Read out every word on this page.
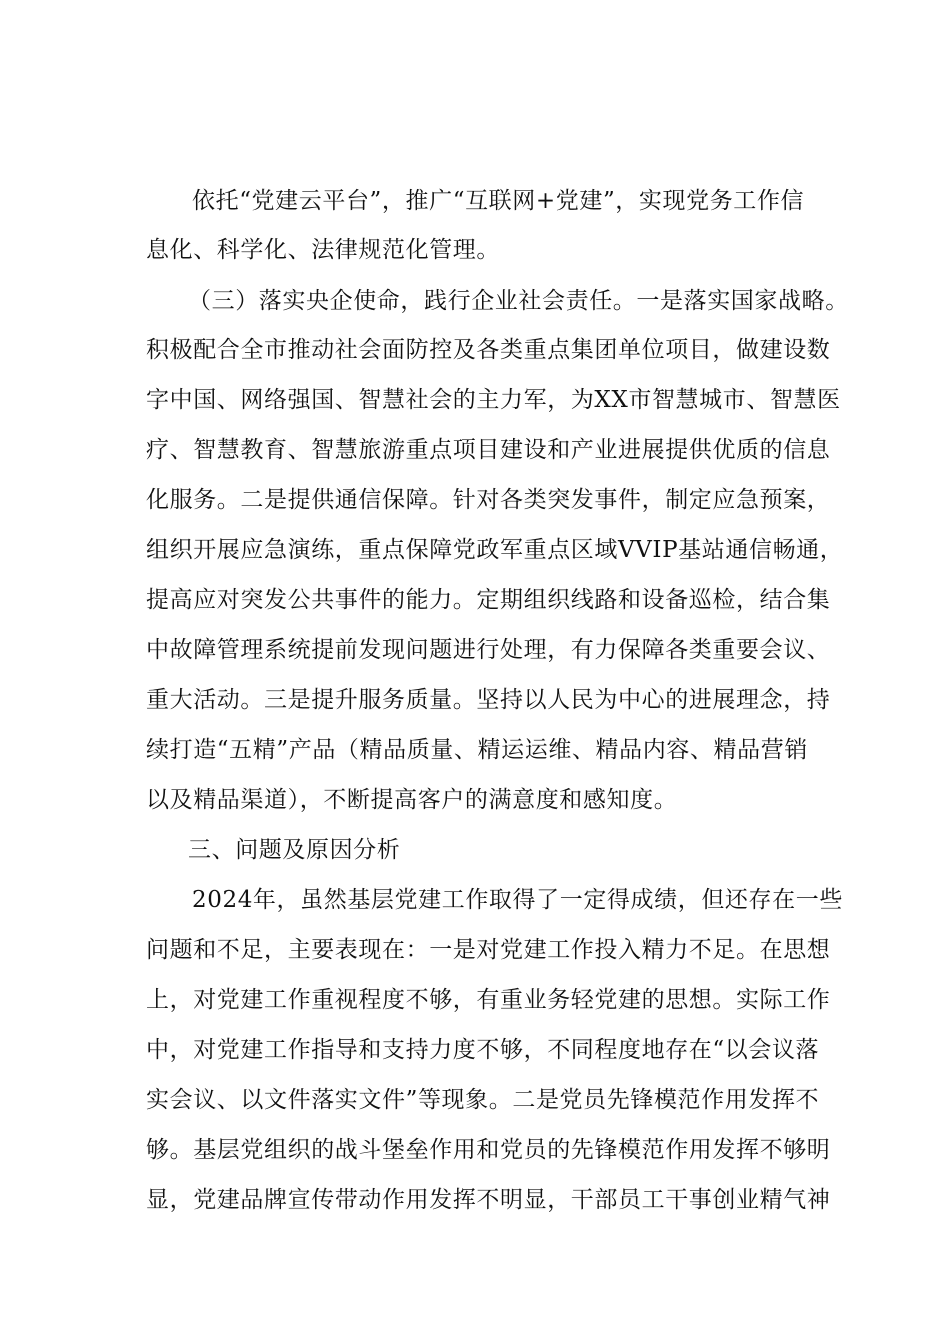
依托“党建云平台”，推广“互联网+党建”，实现党务工作信
息化、科学化、法律规范化管理。
（三）落实央企使命，践行企业社会责任。一是落实国家战略。
积极配合全市推动社会面防控及各类重点集团单位项目，做建设数
字中国、网络强国、智慧社会的主力军，为XX市智慧城市、智慧医
疗、智慧教育、智慧旅游重点项目建设和产业进展提供优质的信息
化服务。二是提供通信保障。针对各类突发事件，制定应急预案，
组织开展应急演练，重点保障党政军重点区域VVIP基站通信畅通，
提高应对突发公共事件的能力。定期组织线路和设备巡检，结合集
中故障管理系统提前发现问题进行处理，有力保障各类重要会议、
重大活动。三是提升服务质量。坚持以人民为中心的进展理念，持
续打造“五精”产品（精品质量、精运运维、精品内容、精品营销
以及精品渠道），不断提高客户的满意度和感知度。
三、问题及原因分析
2024年，虽然基层党建工作取得了一定得成绩，但还存在一些
问题和不足，主要表现在：一是对党建工作投入精力不足。在思想
上，对党建工作重视程度不够，有重业务轻党建的思想。实际工作
中，对党建工作指导和支持力度不够，不同程度地存在“以会议落
实会议、以文件落实文件”等现象。二是党员先锋模范作用发挥不
够。基层党组织的战斗堡垒作用和党员的先锋模范作用发挥不够明
显，党建品牌宣传带动作用发挥不明显，干部员工干事创业精气神
